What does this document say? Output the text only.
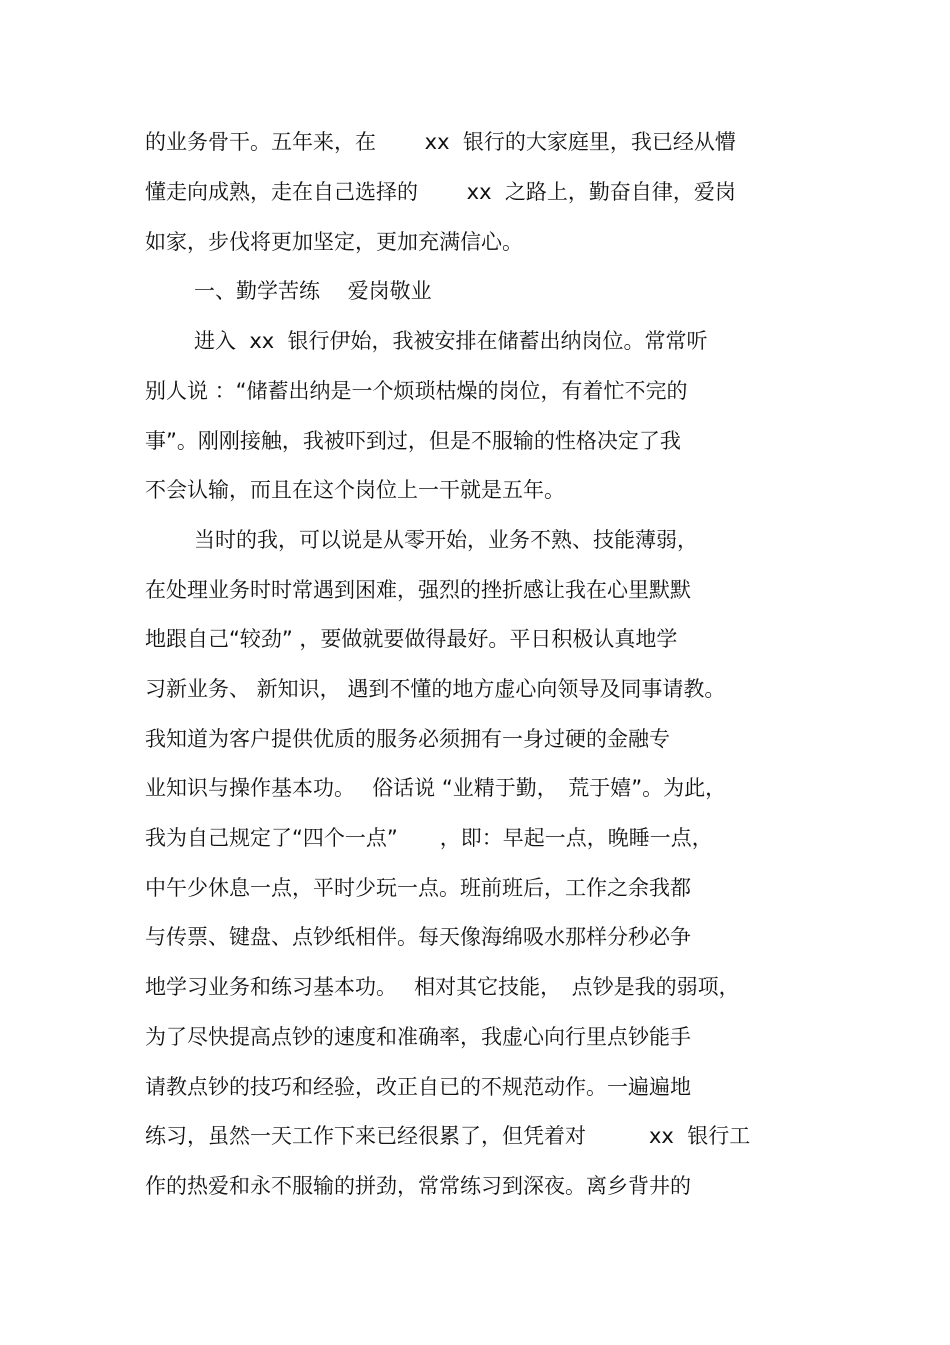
的业务骨干。五年来，在　　 xx  银行的大家庭里，我已经从懵
懂走向成熟，走在自己选择的　　 xx  之路上，勤奋自律，爱岗
如家，步伐将更加坚定，更加充满信心。
一、勤学苦练　 爱岗敬业
进入  xx  银行伊始，我被安排在储蓄出纳岗位。常常听
别人说 ：“储蓄出纳是一个烦琐枯燥的岗位，有着忙不完的
事”。刚刚接触，我被吓到过，但是不服输的性格决定了我
不会认输，而且在这个岗位上一干就是五年。
当时的我，可以说是从零开始，业务不熟、技能薄弱，
在处理业务时时常遇到困难，强烈的挫折感让我在心里默默
地跟自己“较劲” ，要做就要做得最好。平日积极认真地学
习新业务、 新知识， 遇到不懂的地方虚心向领导及同事请教。
我知道为客户提供优质的服务必须拥有一身过硬的金融专
业知识与操作基本功。　 俗话说 “业精于勤，　荒于嬉”。为此，
我为自己规定了“四个一点”　　，即：早起一点，晚睡一点，
中午少休息一点，平时少玩一点。班前班后，工作之余我都
与传票、键盘、点钞纸相伴。每天像海绵吸水那样分秒必争
地学习业务和练习基本功。　 相对其它技能，　点钞是我的弱项，
为了尽快提高点钞的速度和准确率，我虚心向行里点钞能手
请教点钞的技巧和经验，改正自已的不规范动作。一遍遍地
练习，虽然一天工作下来已经很累了，但凭着对　　　xx  银行工
作的热爱和永不服输的拼劲，常常练习到深夜。离乡背井的
